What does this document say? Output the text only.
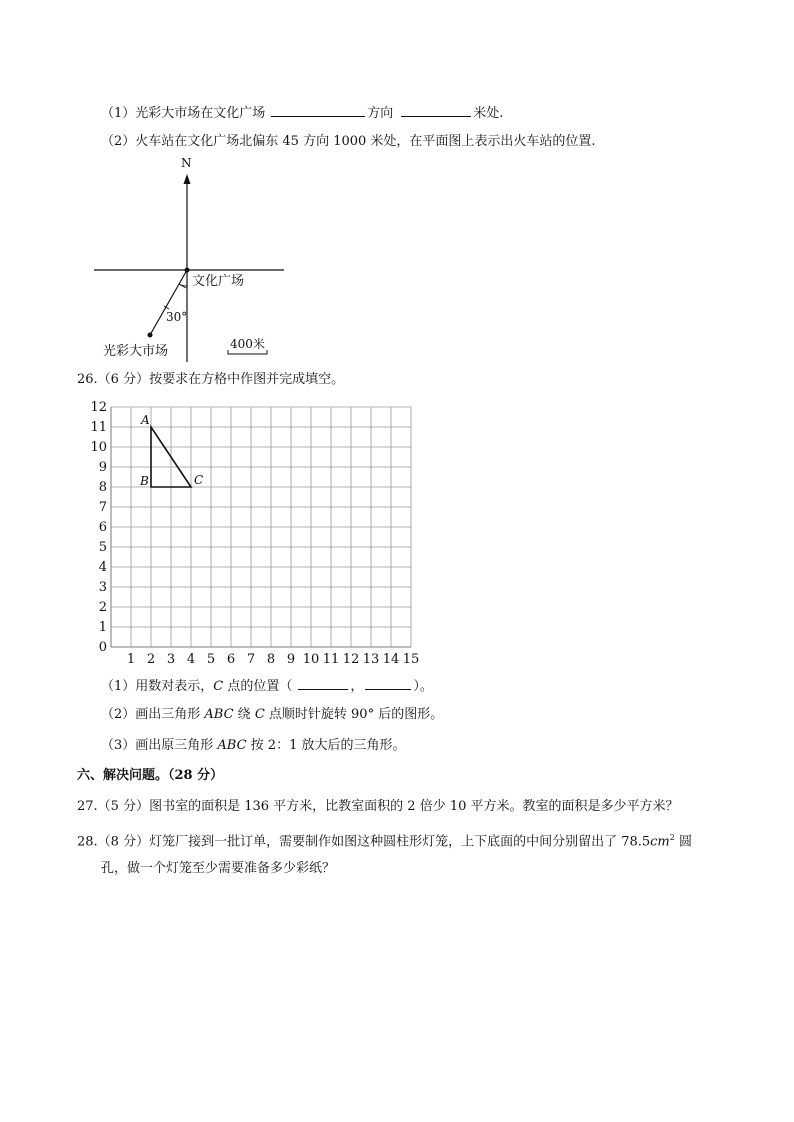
（1）光彩大市场在文化广场	方向	米处.
（2）火车站在文化广场北偏东 45 方向 1000 米处，在平面图上表示出火车站的位置.
N
文化广场
30°
光彩大市场	400米
26.（6 分）按要求在方格中作图并完成填空。
12
11
10
9
8
7
6
5
4
3
2
1
0
1 2 3 4 5 6 7 8 9 10 11 12 13 14 15
A
B	C
（1）用数对表示，C 点的位置（	，	）。
（2）画出三角形 ABC 绕 C 点顺时针旋转 90° 后的图形。
（3）画出原三角形 ABC 按 2：1 放大后的三角形。
六、解决问题。（28 分）
27.（5 分）图书室的面积是 136 平方米，比教室面积的 2 倍少 10 平方米。教室的面积是多少平方米？
28.（8 分）灯笼厂接到一批订单，需要制作如图这种圆柱形灯笼，上下底面的中间分别留出了 $78.5cm^2$ 圆
孔，做一个灯笼至少需要准备多少彩纸？
